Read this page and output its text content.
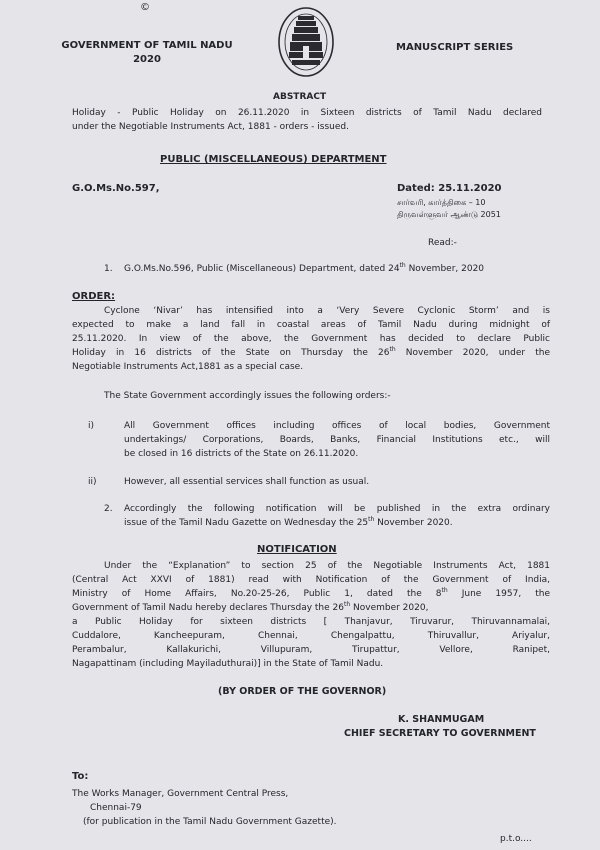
©
GOVERNMENT OF TAMIL NADU
2020
MANUSCRIPT SERIES
ABSTRACT
Holiday - Public Holiday on 26.11.2020 in Sixteen districts of Tamil Nadu declared
under the Negotiable Instruments Act, 1881 - orders - issued.
PUBLIC (MISCELLANEOUS) DEPARTMENT
G.O.Ms.No.597,	Dated: 25.11.2020
சார்வரி, கார்த்திகை – 10
திருவள்ளுவர் ஆண்டு 2051
Read:-
1. G.O.Ms.No.596, Public (Miscellaneous) Department, dated 24th November, 2020
ORDER:
Cyclone ‘Nivar’ has intensified into a ‘Very Severe Cyclonic Storm’ and is
expected to make a land fall in coastal areas of Tamil Nadu during midnight of
25.11.2020. In view of the above, the Government has decided to declare Public
Holiday in 16 districts of the State on Thursday the 26th November 2020, under the
Negotiable Instruments Act,1881 as a special case.
The State Government accordingly issues the following orders:-
i)	All Government offices including offices of local bodies, Government
undertakings/ Corporations, Boards, Banks, Financial Institutions etc., will
be closed in 16 districts of the State on 26.11.2020.
ii)	However, all essential services shall function as usual.
2. Accordingly the following notification will be published in the extra ordinary
issue of the Tamil Nadu Gazette on Wednesday the 25th November 2020.
NOTIFICATION
Under the “Explanation” to section 25 of the Negotiable Instruments Act, 1881
(Central Act XXVI of 1881) read with Notification of the Government of India,
Ministry of Home Affairs, No.20-25-26, Public 1, dated the 8th June 1957, the
Government of Tamil Nadu hereby declares Thursday the 26th November 2020,
a Public Holiday for sixteen districts [ Thanjavur, Tiruvarur, Thiruvannamalai,
Cuddalore, Kancheepuram, Chennai, Chengalpattu, Thiruvallur, Ariyalur,
Perambalur, Kallakurichi, Villupuram, Tirupattur, Vellore, Ranipet,
Nagapattinam (including Mayiladuthurai)] in the State of Tamil Nadu.
(BY ORDER OF THE GOVERNOR)
K. SHANMUGAM
CHIEF SECRETARY TO GOVERNMENT
To:
The Works Manager, Government Central Press,
Chennai-79
(for publication in the Tamil Nadu Government Gazette).
p.t.o....
